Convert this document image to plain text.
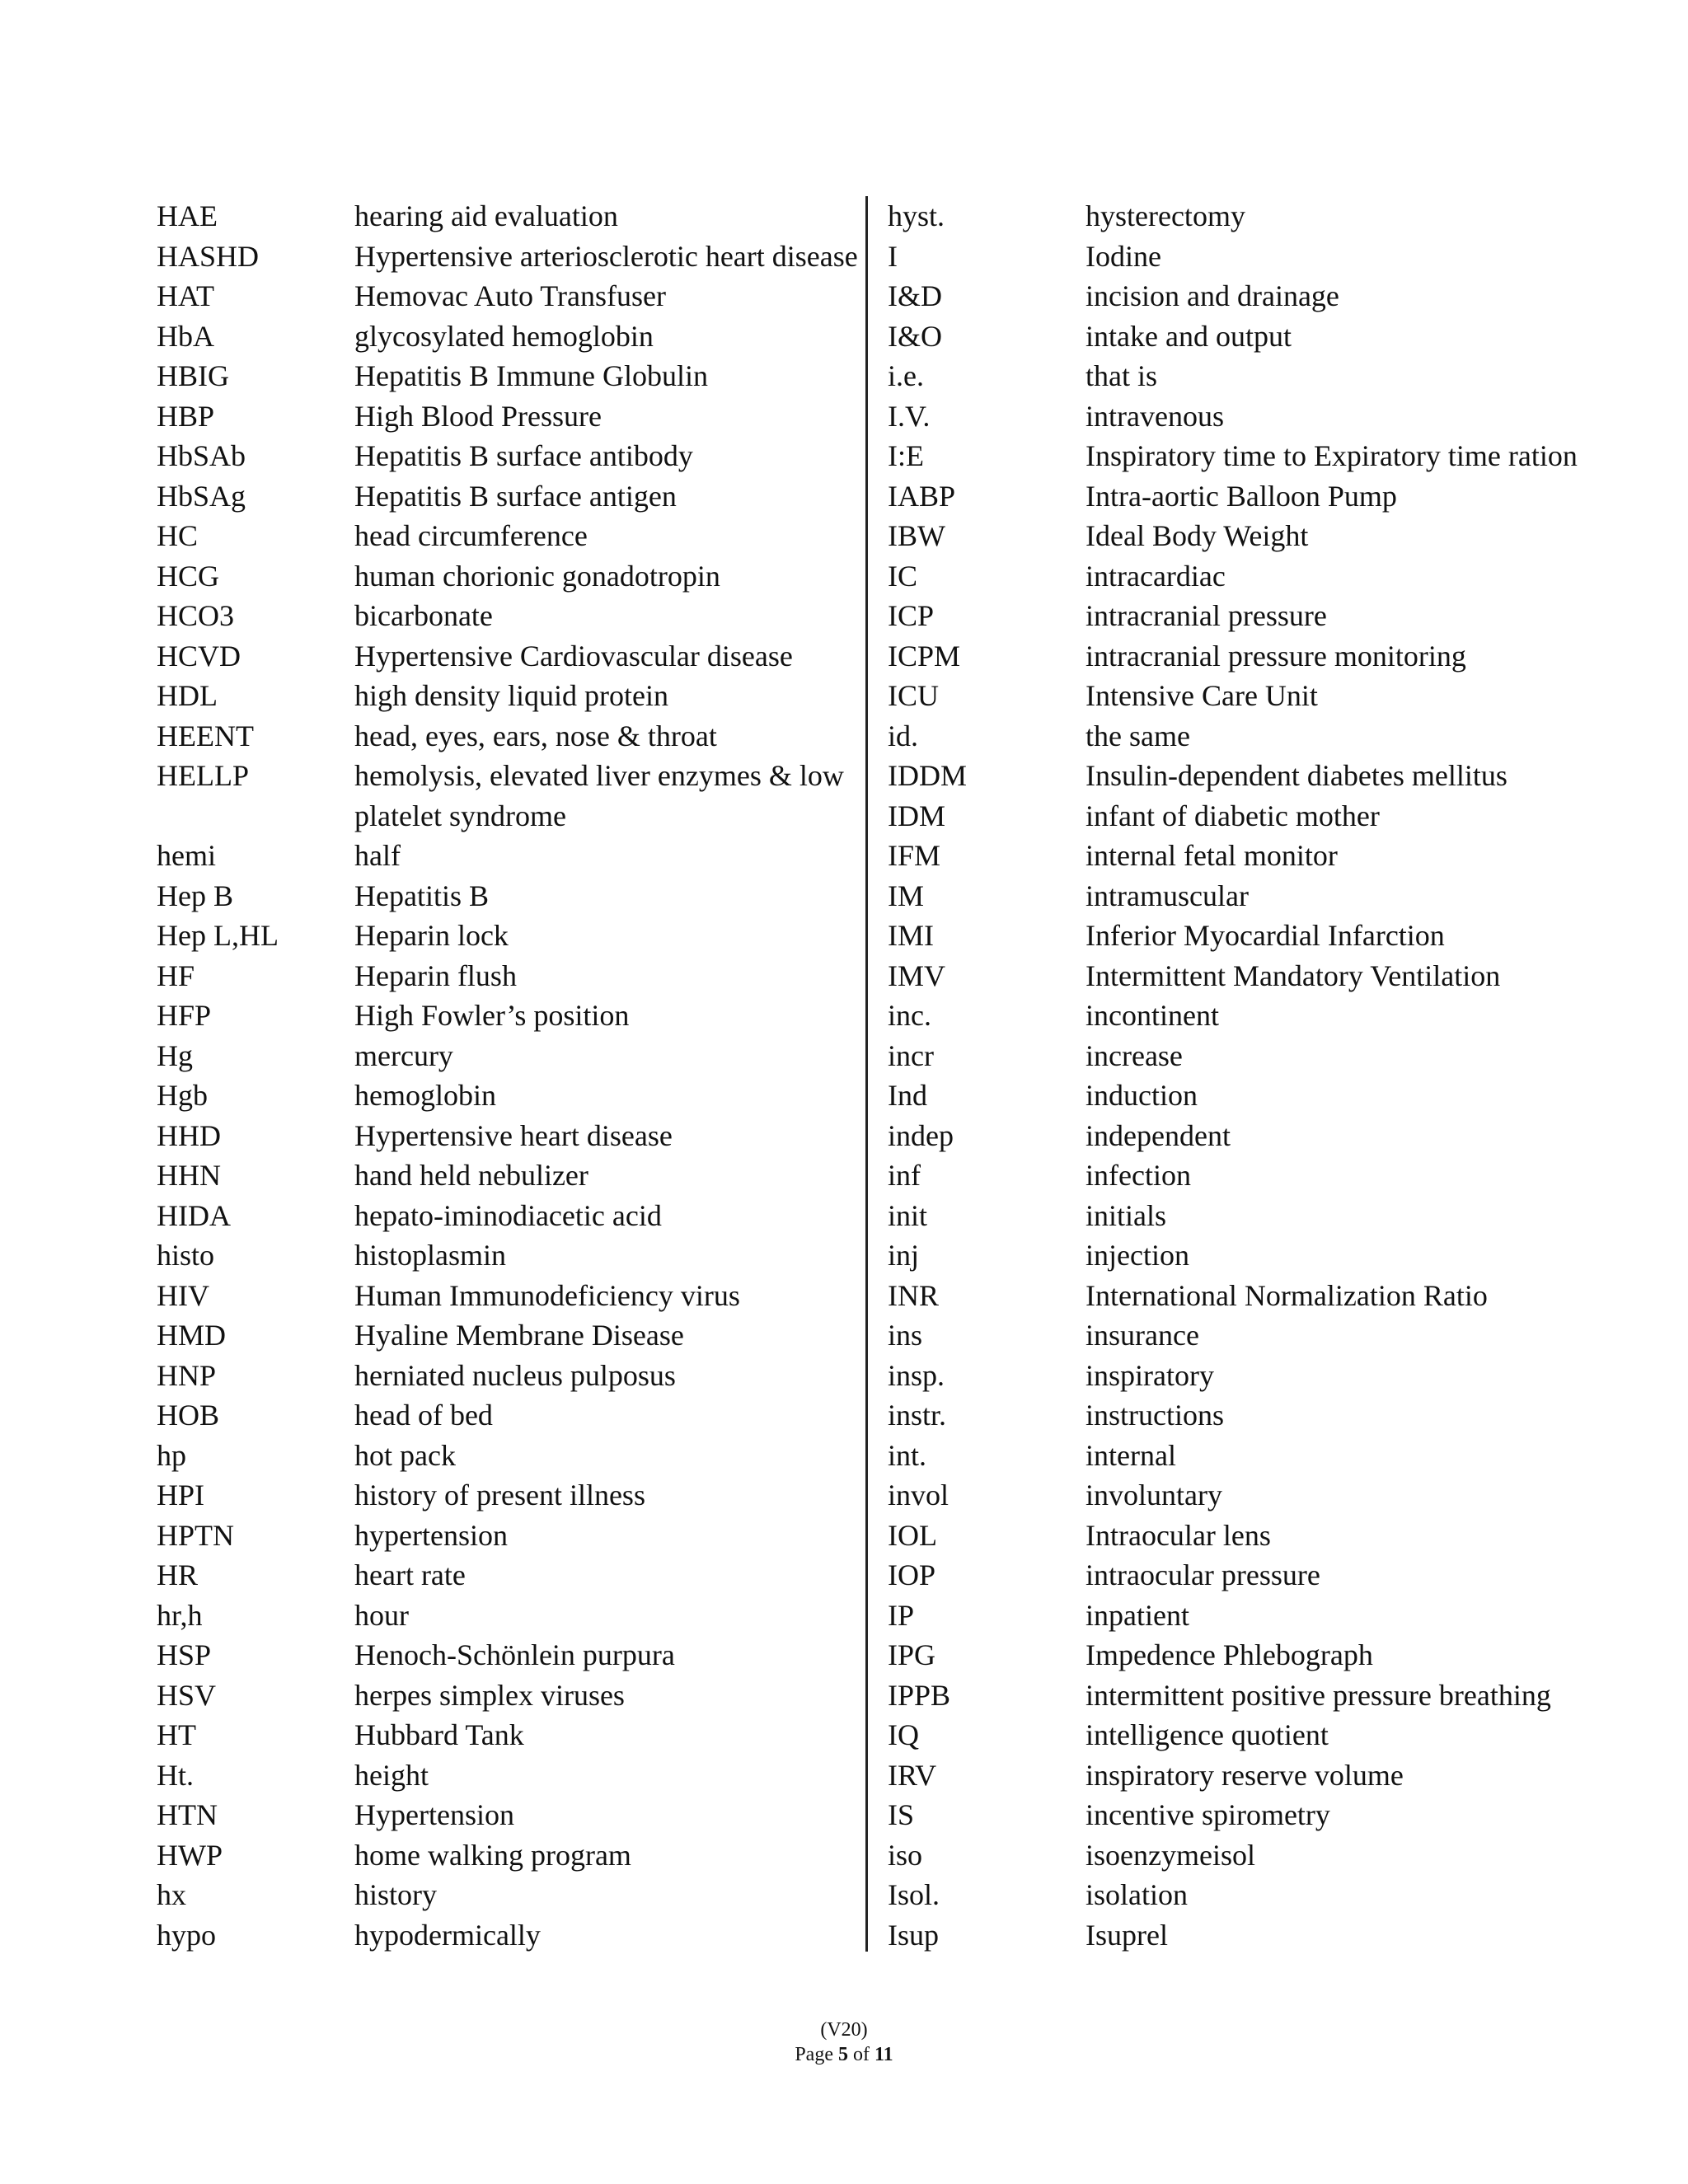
HAE	hearing aid evaluation
HASHD	Hypertensive arteriosclerotic heart disease
HAT	Hemovac Auto Transfuser
HbA	glycosylated hemoglobin
HBIG	Hepatitis B Immune Globulin
HBP	High Blood Pressure
HbSAb	Hepatitis B surface antibody
HbSAg	Hepatitis B surface antigen
HC	head circumference
HCG	human chorionic gonadotropin
HCO3	bicarbonate
HCVD	Hypertensive Cardiovascular disease
HDL	high density liquid protein
HEENT	head, eyes, ears, nose & throat
HELLP	hemolysis, elevated liver enzymes & low platelet syndrome
hemi	half
Hep B	Hepatitis B
Hep L,HL	Heparin lock
HF	Heparin flush
HFP	High Fowler’s position
Hg	mercury
Hgb	hemoglobin
HHD	Hypertensive heart disease
HHN	hand held nebulizer
HIDA	hepato-iminodiacetic acid
histo	histoplasmin
HIV	Human Immunodeficiency virus
HMD	Hyaline Membrane Disease
HNP	herniated nucleus pulposus
HOB	head of bed
hp	hot pack
HPI	history of present illness
HPTN	hypertension
HR	heart rate
hr,h	hour
HSP	Henoch-Schönlein purpura
HSV	herpes simplex viruses
HT	Hubbard Tank
Ht.	height
HTN	Hypertension
HWP	home walking program
hx	history
hypo	hypodermically
hyst.	hysterectomy
I	Iodine
I&D	incision and drainage
I&O	intake and output
i.e.	that is
I.V.	intravenous
I:E	Inspiratory time to Expiratory time ration
IABP	Intra-aortic Balloon Pump
IBW	Ideal Body Weight
IC	intracardiac
ICP	intracranial pressure
ICPM	intracranial pressure monitoring
ICU	Intensive Care Unit
id.	the same
IDDM	Insulin-dependent diabetes mellitus
IDM	infant of diabetic mother
IFM	internal fetal monitor
IM	intramuscular
IMI	Inferior Myocardial Infarction
IMV	Intermittent Mandatory Ventilation
inc.	incontinent
incr	increase
Ind	induction
indep	independent
inf	infection
init	initials
inj	injection
INR	International Normalization Ratio
ins	insurance
insp.	inspiratory
instr.	instructions
int.	internal
invol	involuntary
IOL	Intraocular lens
IOP	intraocular pressure
IP	inpatient
IPG	Impedence Phlebograph
IPPB	intermittent positive pressure breathing
IQ	intelligence quotient
IRV	inspiratory reserve volume
IS	incentive spirometry
iso	isoenzymeisol
Isol.	isolation
Isup	Isuprel
(V20)
Page 5 of 11
